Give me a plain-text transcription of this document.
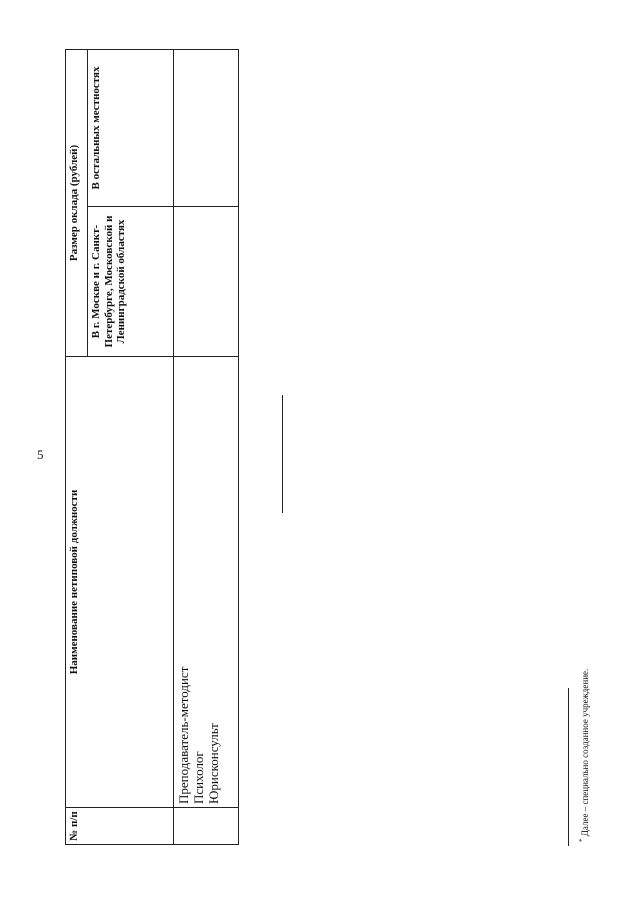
5
№ п/п	Наименование нетиповой должности	Размер оклада (рублей)	
		В г. Москве и г. Санкт-Петербурге, Московской и Ленинградской областях	В остальных местностях

	Преподаватель-методист Психолог Юрисконсульт		

* Далее – специально созданное учреждение.
